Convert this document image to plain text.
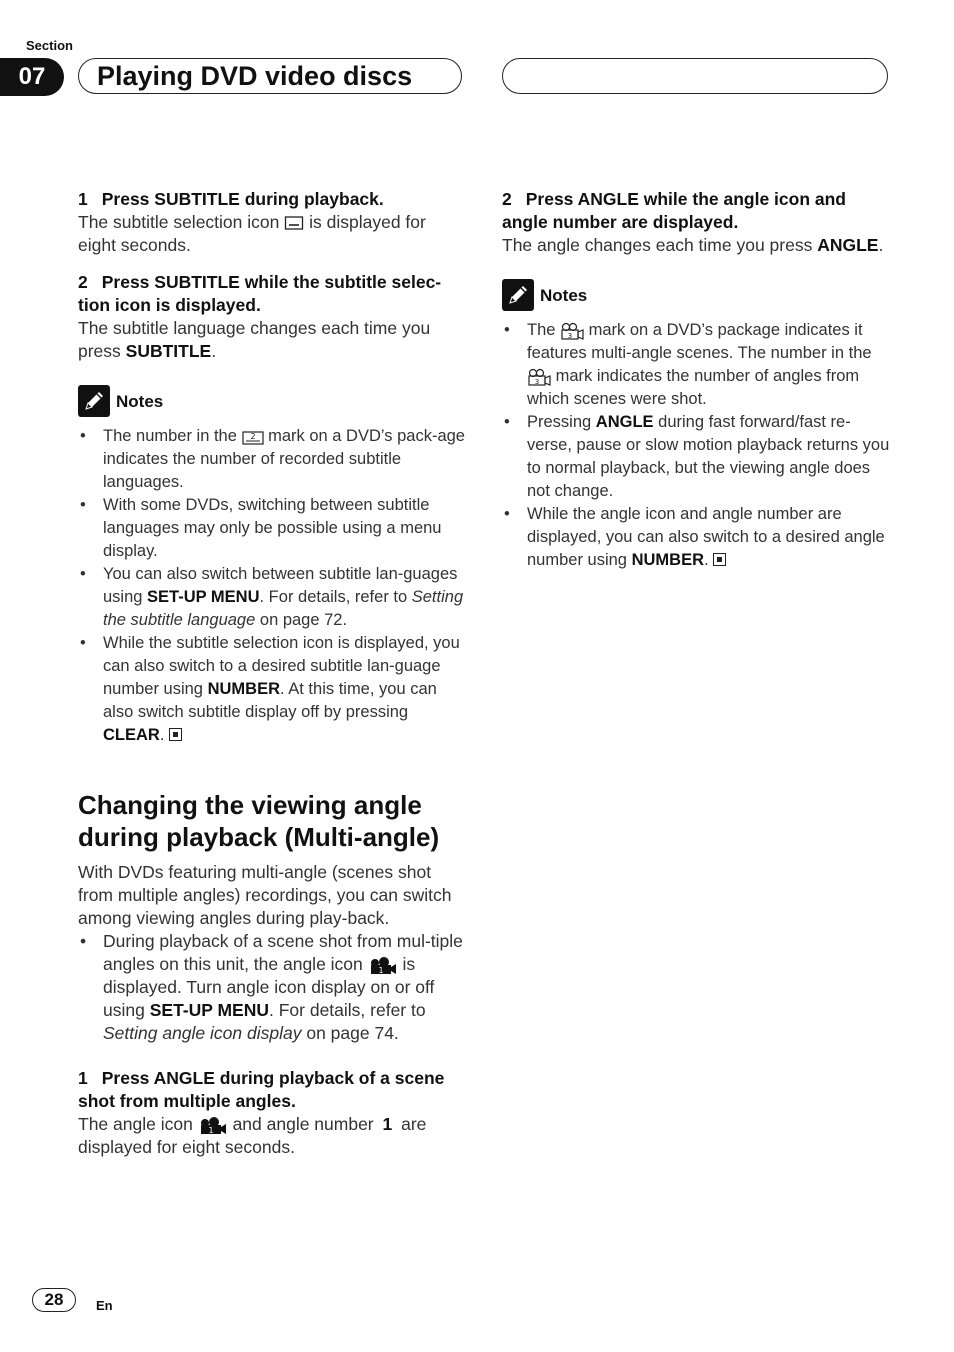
Section
07	Playing DVD video discs
1 Press SUBTITLE during playback.

The subtitle selection icon is displayed for eight seconds.

2 Press SUBTITLE while the subtitle selec-tion icon is displayed.

The subtitle language changes each time you press SUBTITLE.

Notes
• The number in the 2 mark on a DVD’s pack-age indicates the number of recorded subtitle languages.
• With some DVDs, switching between subtitle languages may only be possible using a menu display.
• You can also switch between subtitle lan-guages using SET-UP MENU. For details, refer to Setting the subtitle language on page 72.
• While the subtitle selection icon is displayed, you can also switch to a desired subtitle lan-guage number using NUMBER. At this time, you can also switch subtitle display off by pressing CLEAR.
Changing the viewing angle during playback (Multi-angle)

With DVDs featuring multi-angle (scenes shot from multiple angles) recordings, you can switch among viewing angles during play-back.

• During playback of a scene shot from mul-tiple angles on this unit, the angle icon 1 is displayed. Turn angle icon display on or off using SET-UP MENU. For details, refer to Setting angle icon display on page 74.
1 Press ANGLE during playback of a scene shot from multiple angles.

The angle icon 1 and angle number 1 are displayed for eight seconds.

2 Press ANGLE while the angle icon and angle number are displayed.

The angle changes each time you press ANGLE.

Notes
• The 3 mark on a DVD’s package indicates it features multi-angle scenes. The number in the
3 mark indicates the number of angles from which scenes were shot.
• Pressing ANGLE during fast forward/fast re-verse, pause or slow motion playback returns you to normal playback, but the viewing angle does not change.
• While the angle icon and angle number are displayed, you can also switch to a desired angle number using NUMBER.
28	En
